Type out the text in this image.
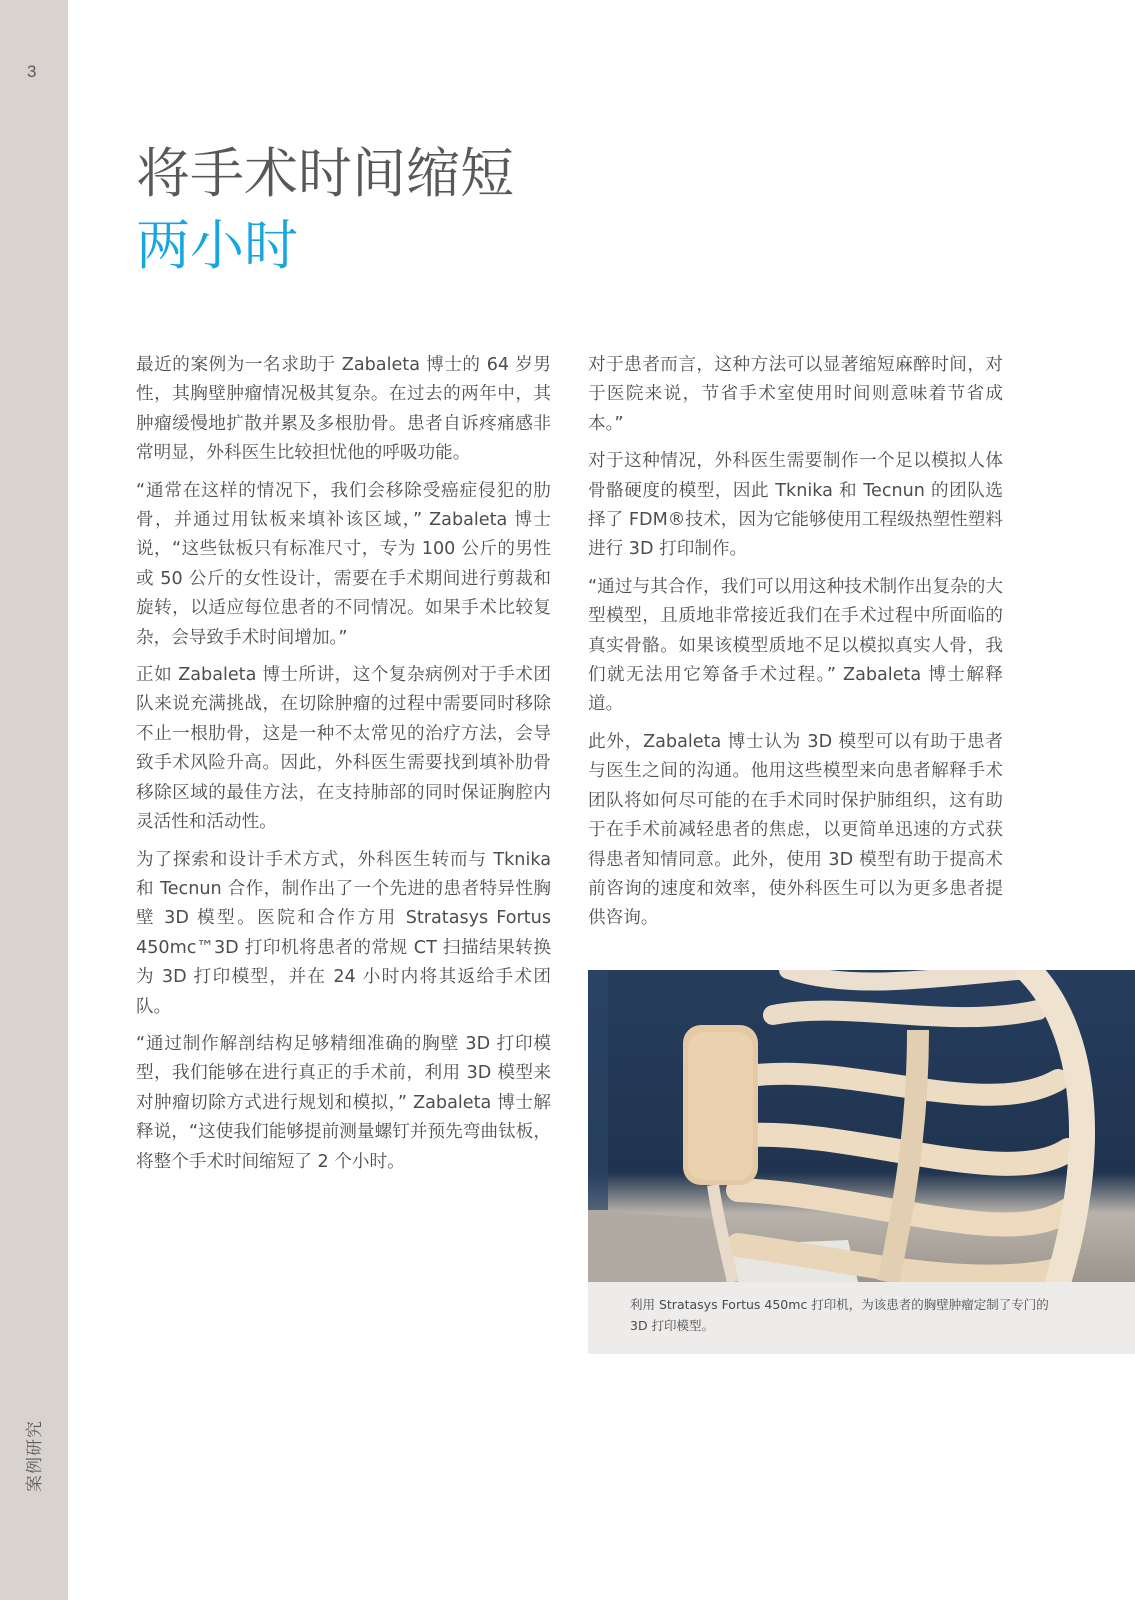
3
案例研究
将手术时间缩短
两小时

最近的案例为一名求助于 Zabaleta 博士的 64 岁男性，其胸壁肿瘤情况极其复杂。在过去的两年中，其肿瘤缓慢地扩散并累及多根肋骨。患者自诉疼痛感非常明显，外科医生比较担忧他的呼吸功能。

“通常在这样的情况下，我们会移除受癌症侵犯的肋骨，并通过用钛板来填补该区域，” Zabaleta 博士说，“这些钛板只有标准尺寸，专为 100 公斤的男性或 50 公斤的女性设计，需要在手术期间进行剪裁和旋转，以适应每位患者的不同情况。如果手术比较复杂，会导致手术时间增加。”

正如 Zabaleta 博士所讲，这个复杂病例对于手术团队来说充满挑战，在切除肿瘤的过程中需要同时移除不止一根肋骨，这是一种不太常见的治疗方法，会导致手术风险升高。因此，外科医生需要找到填补肋骨移除区域的最佳方法，在支持肺部的同时保证胸腔内灵活性和活动性。

为了探索和设计手术方式，外科医生转而与 Tknika 和 Tecnun 合作，制作出了一个先进的患者特异性胸壁 3D 模型。医院和合作方用 Stratasys Fortus 450mc™3D 打印机将患者的常规 CT 扫描结果转换为 3D 打印模型，并在 24 小时内将其返给手术团队。

“通过制作解剖结构足够精细准确的胸壁 3D 打印模型，我们能够在进行真正的手术前，利用 3D 模型来对肿瘤切除方式进行规划和模拟，” Zabaleta 博士解释说，“这使我们能够提前测量螺钉并预先弯曲钛板，将整个手术时间缩短了 2 个小时。

对于患者而言，这种方法可以显著缩短麻醉时间，对于医院来说，节省手术室使用时间则意味着节省成本。”

对于这种情况，外科医生需要制作一个足以模拟人体骨骼硬度的模型，因此 Tknika 和 Tecnun 的团队选择了 FDM®技术，因为它能够使用工程级热塑性塑料进行 3D 打印制作。

“通过与其合作，我们可以用这种技术制作出复杂的大型模型，且质地非常接近我们在手术过程中所面临的真实骨骼。如果该模型质地不足以模拟真实人骨，我们就无法用它筹备手术过程。” Zabaleta 博士解释道。

此外，Zabaleta 博士认为 3D 模型可以有助于患者与医生之间的沟通。他用这些模型来向患者解释手术团队将如何尽可能的在手术同时保护肺组织，这有助于在手术前减轻患者的焦虑，以更简单迅速的方式获得患者知情同意。此外，使用 3D 模型有助于提高术前咨询的速度和效率，使外科医生可以为更多患者提供咨询。

利用 Stratasys Fortus 450mc 打印机，为该患者的胸壁肿瘤定制了专门的 3D 打印模型。
